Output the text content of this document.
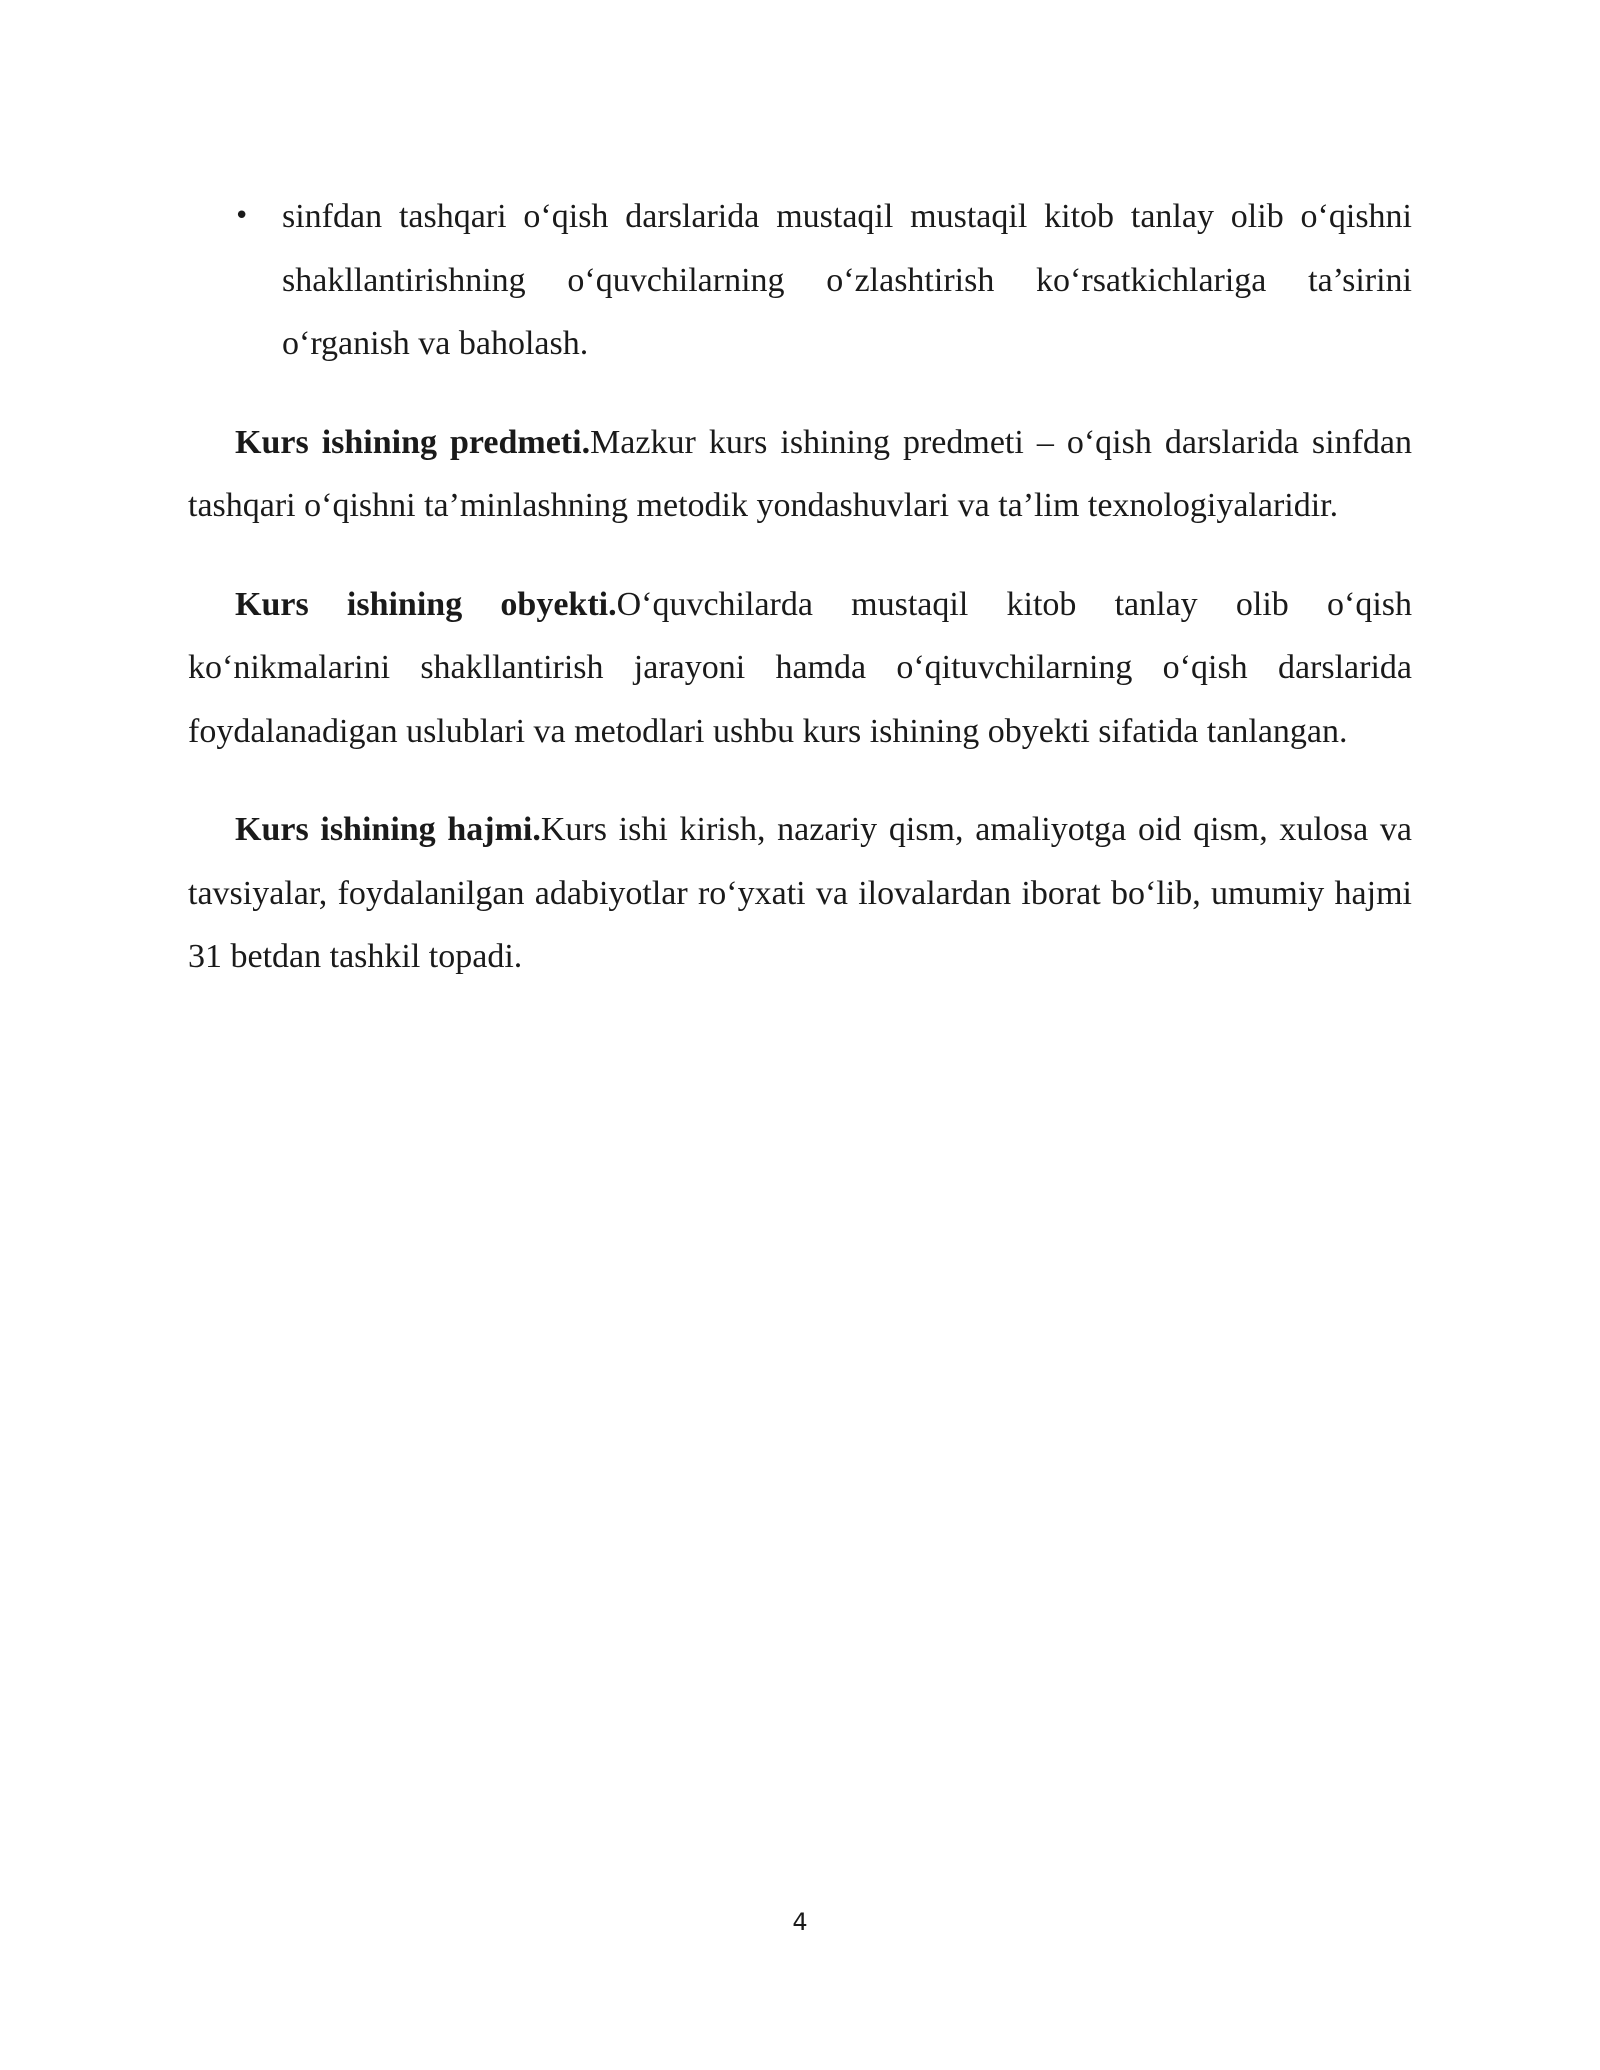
• sinfdan tashqari o‘qish darslarida mustaqil mustaqil kitob tanlay olib o‘qishni shakllantirishning o‘quvchilarning o‘zlashtirish ko‘rsatkichlariga ta’sirini o‘rganish va baholash.

Kurs ishining predmeti.Mazkur kurs ishining predmeti – o‘qish darslarida sinfdan tashqari o‘qishni ta’minlashning metodik yondashuvlari va ta’lim texnologiyalaridir.

Kurs ishining obyekti.O‘quvchilarda mustaqil kitob tanlay olib o‘qish ko‘nikmalarini shakllantirish jarayoni hamda o‘qituvchilarning o‘qish darslarida foydalanadigan uslublari va metodlari ushbu kurs ishining obyekti sifatida tanlangan.

Kurs ishining hajmi.Kurs ishi kirish, nazariy qism, amaliyotga oid qism, xulosa va tavsiyalar, foydalanilgan adabiyotlar ro‘yxati va ilovalardan iborat bo‘lib, umumiy hajmi 31 betdan tashkil topadi.

4
